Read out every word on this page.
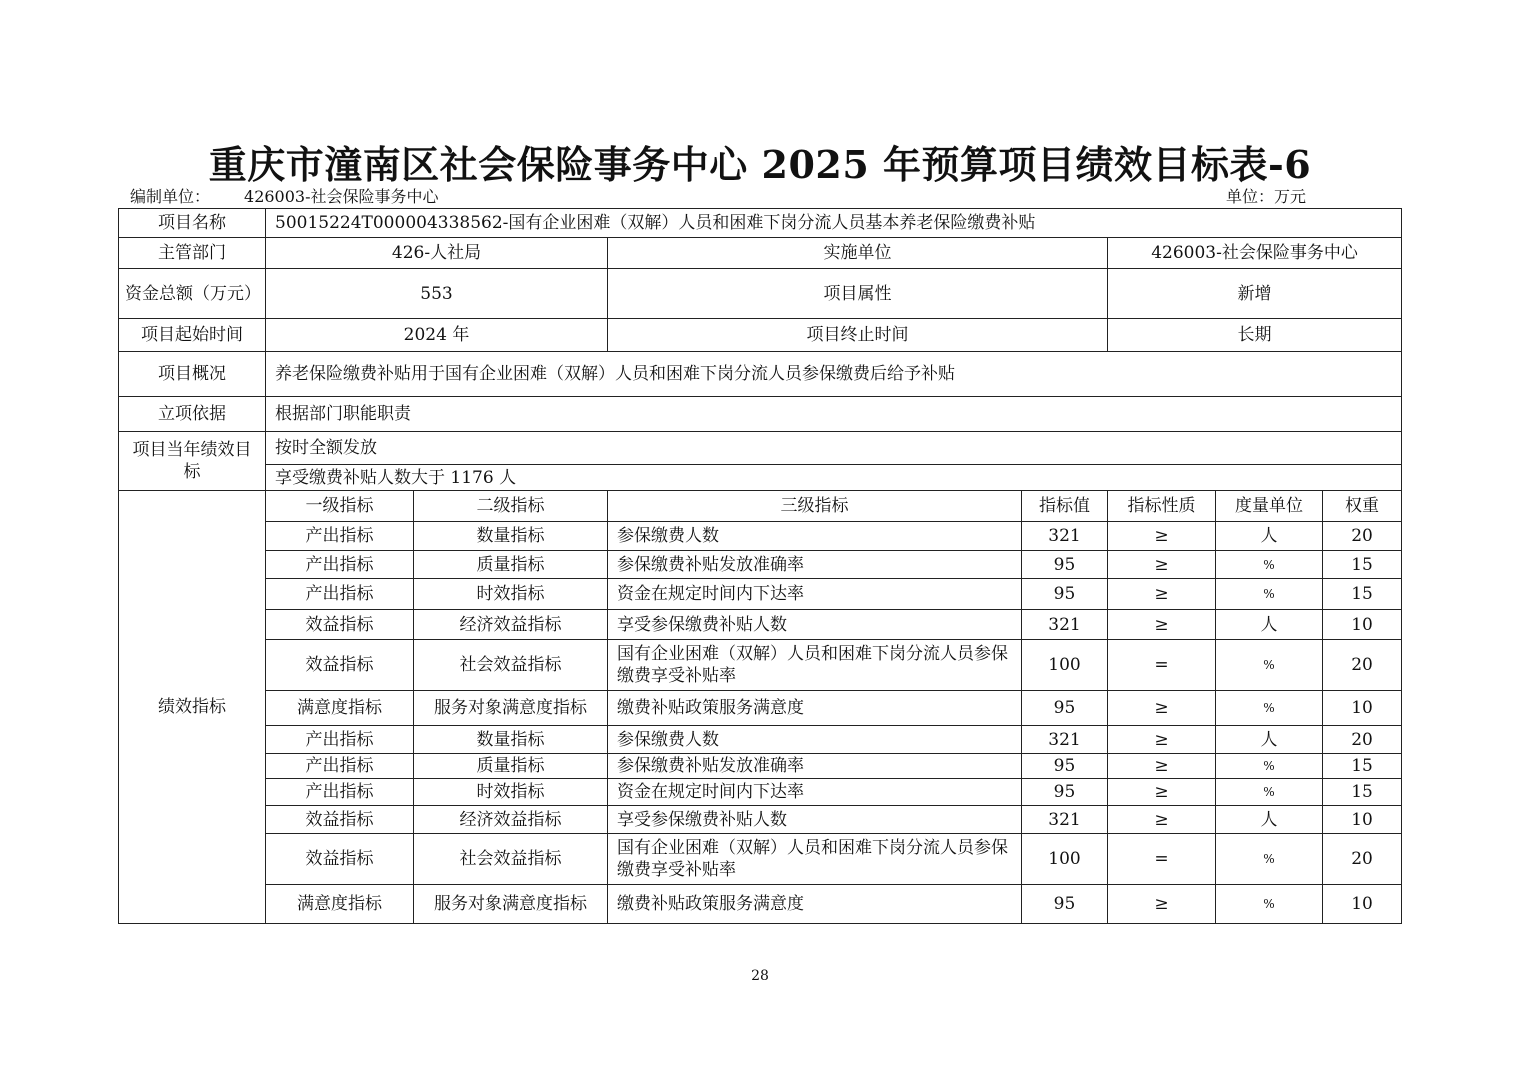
重庆市潼南区社会保险事务中心 2025 年预算项目绩效目标表-6
编制单位： 426003-社会保险事务中心	单位：万元
项目名称	50015224T000004338562-国有企业困难（双解）人员和困难下岗分流人员基本养老保险缴费补贴						
主管部门	426-人社局		实施单位		426003-社会保险事务中心		
资金总额（万元）	553		项目属性		新增		
项目起始时间	2024 年		项目终止时间		长期		
项目概况	养老保险缴费补贴用于国有企业困难（双解）人员和困难下岗分流人员参保缴费后给予补贴						
立项依据	根据部门职能职责						
项目当年绩效目标	按时全额发放						
	享受缴费补贴人数大于 1176 人						
绩效指标	一级指标	二级指标	三级指标	指标值	指标性质	度量单位	权重
	产出指标	数量指标	参保缴费人数	321	≥	人	20
	产出指标	质量指标	参保缴费补贴发放准确率	95	≥	%	15
	产出指标	时效指标	资金在规定时间内下达率	95	≥	%	15
	效益指标	经济效益指标	享受参保缴费补贴人数	321	≥	人	10
	效益指标	社会效益指标	国有企业困难（双解）人员和困难下岗分流人员参保缴费享受补贴率	100	=	%	20
	满意度指标	服务对象满意度指标	缴费补贴政策服务满意度	95	≥	%	10
	产出指标	数量指标	参保缴费人数	321	≥	人	20
	产出指标	质量指标	参保缴费补贴发放准确率	95	≥	%	15
	产出指标	时效指标	资金在规定时间内下达率	95	≥	%	15
	效益指标	经济效益指标	享受参保缴费补贴人数	321	≥	人	10
	效益指标	社会效益指标	国有企业困难（双解）人员和困难下岗分流人员参保缴费享受补贴率	100	=	%	20
	满意度指标	服务对象满意度指标	缴费补贴政策服务满意度	95	≥	%	10
28
